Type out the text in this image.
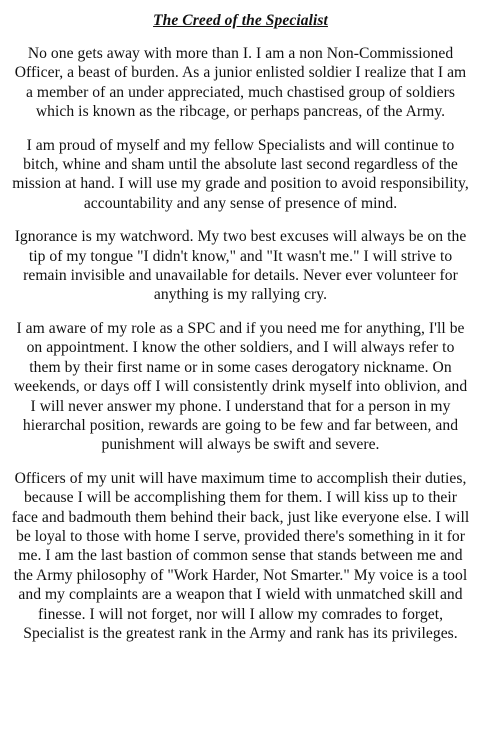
The Creed of the Specialist

No one gets away with more than I. I am a non Non-Commissioned Officer, a beast of burden. As a junior enlisted soldier I realize that I am a member of an under appreciated, much chastised group of soldiers which is known as the ribcage, or perhaps pancreas, of the Army.

I am proud of myself and my fellow Specialists and will continue to bitch, whine and sham until the absolute last second regardless of the mission at hand. I will use my grade and position to avoid responsibility, accountability and any sense of presence of mind.

Ignorance is my watchword. My two best excuses will always be on the tip of my tongue "I didn't know," and "It wasn't me." I will strive to remain invisible and unavailable for details. Never ever volunteer for anything is my rallying cry.

I am aware of my role as a SPC and if you need me for anything, I'll be on appointment. I know the other soldiers, and I will always refer to them by their first name or in some cases derogatory nickname. On weekends, or days off I will consistently drink myself into oblivion, and I will never answer my phone. I understand that for a person in my hierarchal position, rewards are going to be few and far between, and punishment will always be swift and severe.

Officers of my unit will have maximum time to accomplish their duties, because I will be accomplishing them for them. I will kiss up to their face and badmouth them behind their back, just like everyone else. I will be loyal to those with home I serve, provided there's something in it for me. I am the last bastion of common sense that stands between me and the Army philosophy of "Work Harder, Not Smarter." My voice is a tool and my complaints are a weapon that I wield with unmatched skill and finesse. I will not forget, nor will I allow my comrades to forget, Specialist is the greatest rank in the Army and rank has its privileges.
